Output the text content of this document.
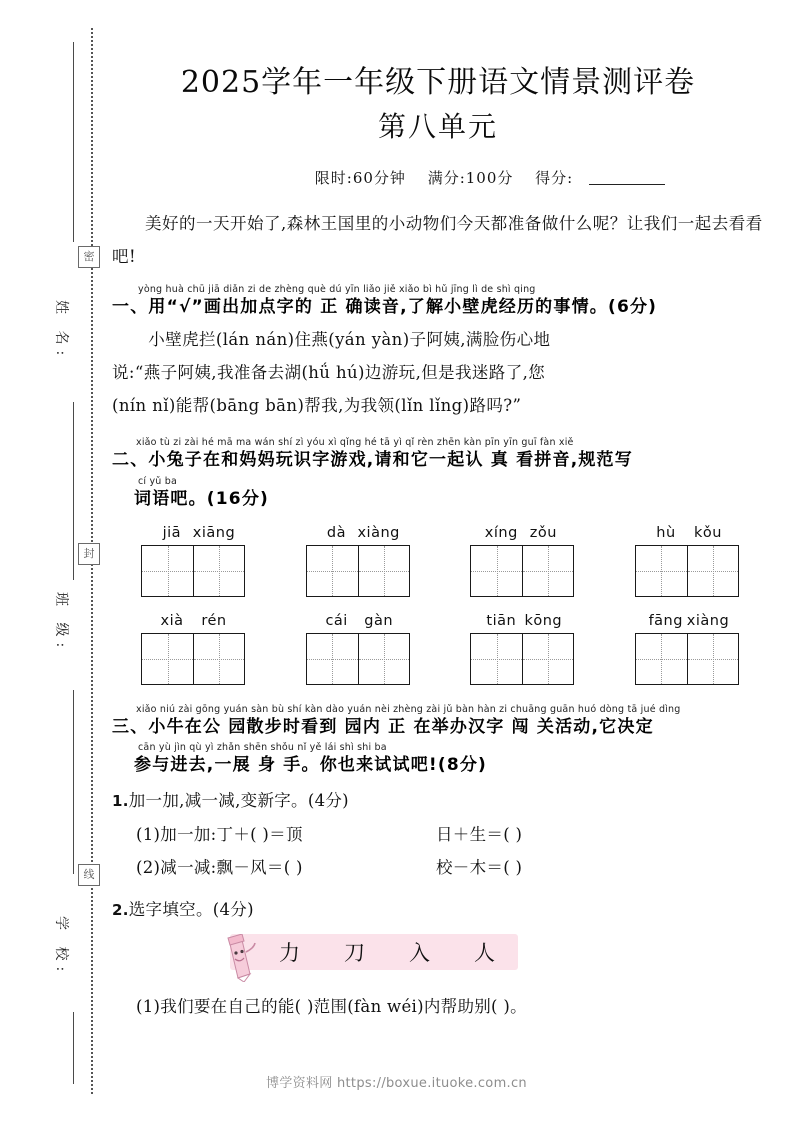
密
姓 名:
封
班 级:
线
学 校:
2025学年一年级下册语文情景测评卷
第八单元
限时:60分钟 满分:100分 得分:
美好的一天开始了,森林王国里的小动物们今天都准备做什么呢？让我们一起去看看吧!
yòng huà chū jiā diǎn zi de zhèng què dú yīn liǎo jiě xiǎo bì hǔ jīng lì de shì qing
一、用“√”画出加点字的 正 确读音,了解小壁虎经历的事情。(6分)
小壁虎拦(lán nán)住燕(yán yàn)子阿姨,满脸伤心地
说:“燕子阿姨,我准备去湖(hǘ hú)边游玩,但是我迷路了,您
(nín nǐ)能帮(bāng bān)帮我,为我领(lǐn lǐng)路吗?”
xiǎo tù zi zài hé mā ma wán shí zì yóu xì qǐng hé tā yì qǐ rèn zhēn kàn pīn yīn guī fàn xiě
二、小兔子在和妈妈玩识字游戏,请和它一起认 真 看拼音,规范写
cí yǔ ba
词语吧。(16分)
jiā xiāng	dà xiàng	xíng zǒu	hù kǒu
xià rén	cái gàn	tiān kōng	fāng xiàng
xiǎo niú zài gōng yuán sàn bù shí kàn dào yuán nèi zhèng zài jǔ bàn hàn zi chuāng guān huó dòng tā jué dìng
三、小牛在公 园散步时看到 园内 正 在举办汉字 闯 关活动,它决定
cān yù jìn qù yì zhǎn shēn shǒu nǐ yě lái shì shi ba
参与进去,一展 身 手。你也来试试吧!(8分)
1.加一加,减一减,变新字。(4分)
(1)加一加:丁＋( )＝顶	日＋生＝( )
(2)减一减:飘－风＝( )	校－木＝( )
2.选字填空。(4分)
力 刀 入 人
(1)我们要在自己的能( )范围(fàn wéi)内帮助别( )。
博学资料网 https://boxue.ituoke.com.cn
